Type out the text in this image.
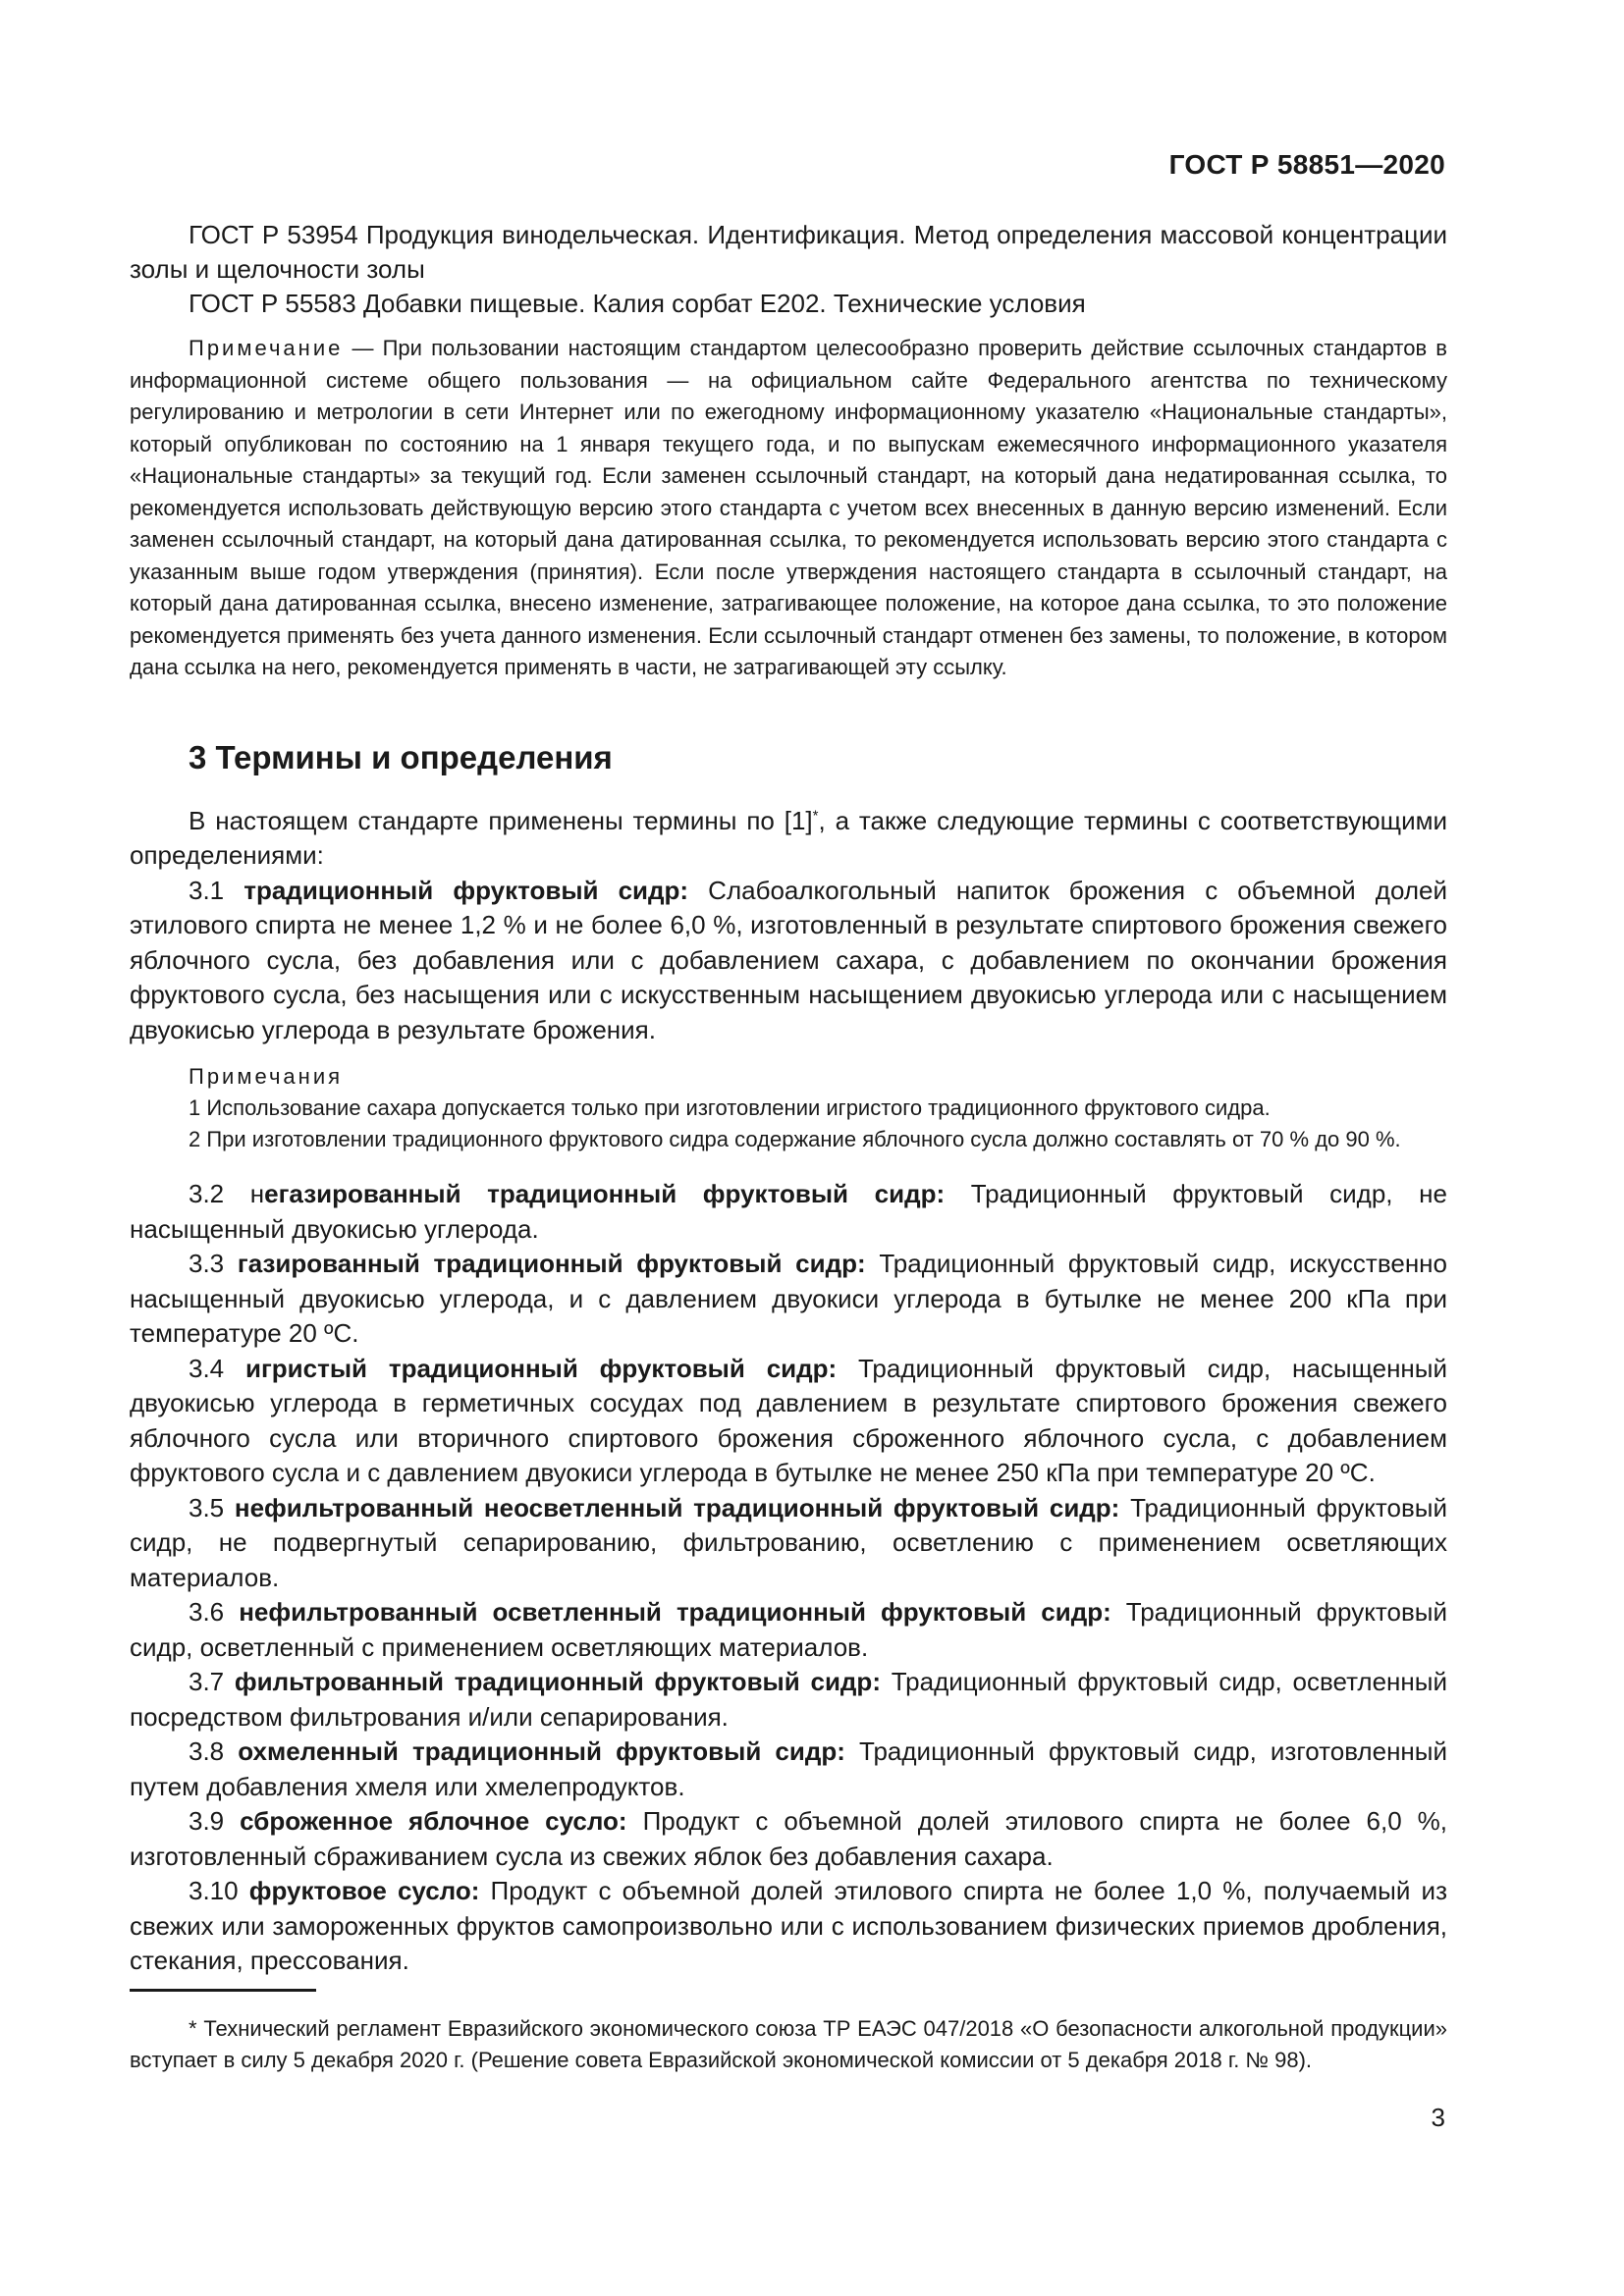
ГОСТ Р 58851—2020

ГОСТ Р 53954 Продукция винодельческая. Идентификация. Метод определения массовой концентрации золы и щелочности золы

ГОСТ Р 55583 Добавки пищевые. Калия сорбат Е202. Технические условия

Примечание — При пользовании настоящим стандартом целесообразно проверить действие ссылочных стандартов в информационной системе общего пользования — на официальном сайте Федерального агентства по техническому регулированию и метрологии в сети Интернет или по ежегодному информационному указателю «Национальные стандарты», который опубликован по состоянию на 1 января текущего года, и по выпускам ежемесячного информационного указателя «Национальные стандарты» за текущий год. Если заменен ссылочный стандарт, на который дана недатированная ссылка, то рекомендуется использовать действующую версию этого стандарта с учетом всех внесенных в данную версию изменений. Если заменен ссылочный стандарт, на который дана датированная ссылка, то рекомендуется использовать версию этого стандарта с указанным выше годом утверждения (принятия). Если после утверждения настоящего стандарта в ссылочный стандарт, на который дана датированная ссылка, внесено изменение, затрагивающее положение, на которое дана ссылка, то это положение рекомендуется применять без учета данного изменения. Если ссылочный стандарт отменен без замены, то положение, в котором дана ссылка на него, рекомендуется применять в части, не затрагивающей эту ссылку.

3 Термины и определения

В настоящем стандарте применены термины по [1]*, а также следующие термины с соответствующими определениями:

3.1 традиционный фруктовый сидр: Слабоалкогольный напиток брожения с объемной долей этилового спирта не менее 1,2 % и не более 6,0 %, изготовленный в результате спиртового брожения свежего яблочного сусла, без добавления или с добавлением сахара, с добавлением по окончании брожения фруктового сусла, без насыщения или с искусственным насыщением двуокисью углерода или с насыщением двуокисью углерода в результате брожения.

Примечания

1 Использование сахара допускается только при изготовлении игристого традиционного фруктового сидра.

2 При изготовлении традиционного фруктового сидра содержание яблочного сусла должно составлять от 70 % до 90 %.

3.2 негазированный традиционный фруктовый сидр: Традиционный фруктовый сидр, не насыщенный двуокисью углерода.

3.3 газированный традиционный фруктовый сидр: Традиционный фруктовый сидр, искусственно насыщенный двуокисью углерода, и с давлением двуокиси углерода в бутылке не менее 200 кПа при температуре 20 ºС.

3.4 игристый традиционный фруктовый сидр: Традиционный фруктовый сидр, насыщенный двуокисью углерода в герметичных сосудах под давлением в результате спиртового брожения свежего яблочного сусла или вторичного спиртового брожения сброженного яблочного сусла, с добавлением фруктового сусла и с давлением двуокиси углерода в бутылке не менее 250 кПа при температуре 20 ºС.

3.5 нефильтрованный неосветленный традиционный фруктовый сидр: Традиционный фруктовый сидр, не подвергнутый сепарированию, фильтрованию, осветлению с применением осветляющих материалов.

3.6 нефильтрованный осветленный традиционный фруктовый сидр: Традиционный фруктовый сидр, осветленный с применением осветляющих материалов.

3.7 фильтрованный традиционный фруктовый сидр: Традиционный фруктовый сидр, осветленный посредством фильтрования и/или сепарирования.

3.8 охмеленный традиционный фруктовый сидр: Традиционный фруктовый сидр, изготовленный путем добавления хмеля или хмелепродуктов.

3.9 сброженное яблочное сусло: Продукт с объемной долей этилового спирта не более 6,0 %, изготовленный сбраживанием сусла из свежих яблок без добавления сахара.

3.10 фруктовое сусло: Продукт с объемной долей этилового спирта не более 1,0 %, получаемый из свежих или замороженных фруктов самопроизвольно или с использованием физических приемов дробления, стекания, прессования.

* Технический регламент Евразийского экономического союза ТР ЕАЭС 047/2018 «О безопасности алкогольной продукции» вступает в силу 5 декабря 2020 г. (Решение совета Евразийской экономической комиссии от 5 декабря 2018 г. № 98).

3
